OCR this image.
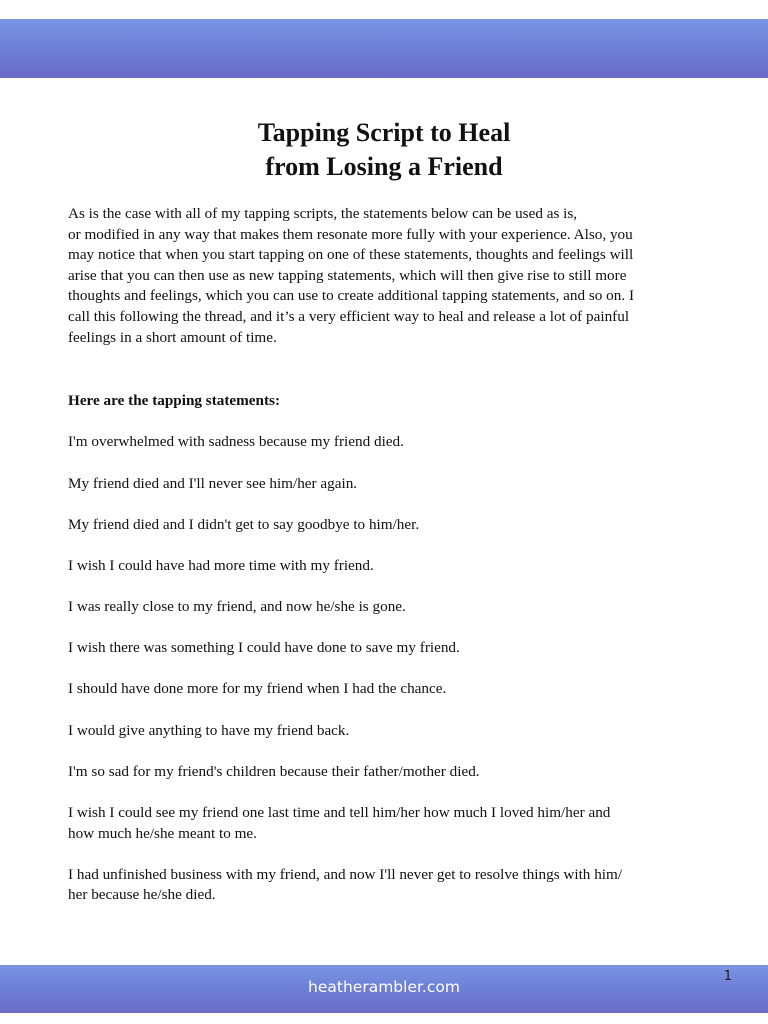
Tapping Script to Heal
from Losing a Friend

As is the case with all of my tapping scripts, the statements below can be used as is,
or modified in any way that makes them resonate more fully with your experience. Also, you
may notice that when you start tapping on one of these statements, thoughts and feelings will
arise that you can then use as new tapping statements, which will then give rise to still more
thoughts and feelings, which you can use to create additional tapping statements, and so on. I
call this following the thread, and it’s a very efficient way to heal and release a lot of painful
feelings in a short amount of time.

Here are the tapping statements:

I'm overwhelmed with sadness because my friend died.
My friend died and I'll never see him/her again.
My friend died and I didn't get to say goodbye to him/her.
I wish I could have had more time with my friend.
I was really close to my friend, and now he/she is gone.
I wish there was something I could have done to save my friend.
I should have done more for my friend when I had the chance.
I would give anything to have my friend back.
I'm so sad for my friend's children because their father/mother died.
I wish I could see my friend one last time and tell him/her how much I loved him/her and
how much he/she meant to me.
I had unfinished business with my friend, and now I'll never get to resolve things with him/
her because he/she died.
heatherambler.com
1
